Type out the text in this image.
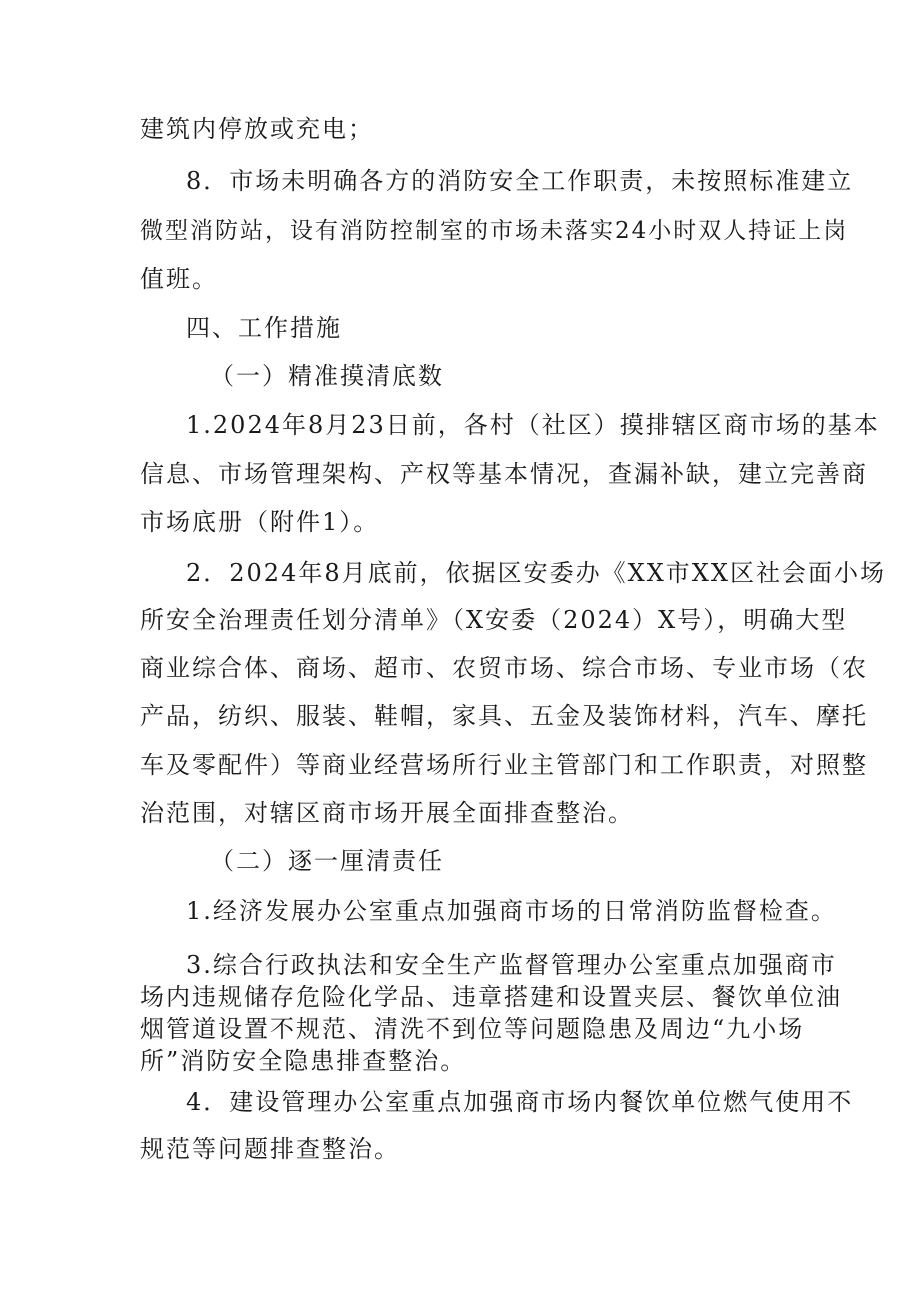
建筑内停放或充电；
8．市场未明确各方的消防安全工作职责，未按照标准建立
微型消防站，设有消防控制室的市场未落实24小时双人持证上岗
值班。
四、工作措施
（一）精准摸清底数
1.2024年8月23日前，各村（社区）摸排辖区商市场的基本
信息、市场管理架构、产权等基本情况，查漏补缺，建立完善商
市场底册（附件1）。
2．2024年8月底前，依据区安委办《XX市XX区社会面小场
所安全治理责任划分清单》（X安委（2024）X号），明确大型
商业综合体、商场、超市、农贸市场、综合市场、专业市场（农
产品，纺织、服装、鞋帽，家具、五金及装饰材料，汽车、摩托
车及零配件）等商业经营场所行业主管部门和工作职责，对照整
治范围，对辖区商市场开展全面排查整治。
（二）逐一厘清责任
1.经济发展办公室重点加强商市场的日常消防监督检查。
3.综合行政执法和安全生产监督管理办公室重点加强商市
场内违规储存危险化学品、违章搭建和设置夹层、餐饮单位油
烟管道设置不规范、清洗不到位等问题隐患及周边“九小场
所”消防安全隐患排查整治。
4．建设管理办公室重点加强商市场内餐饮单位燃气使用不
规范等问题排查整治。
